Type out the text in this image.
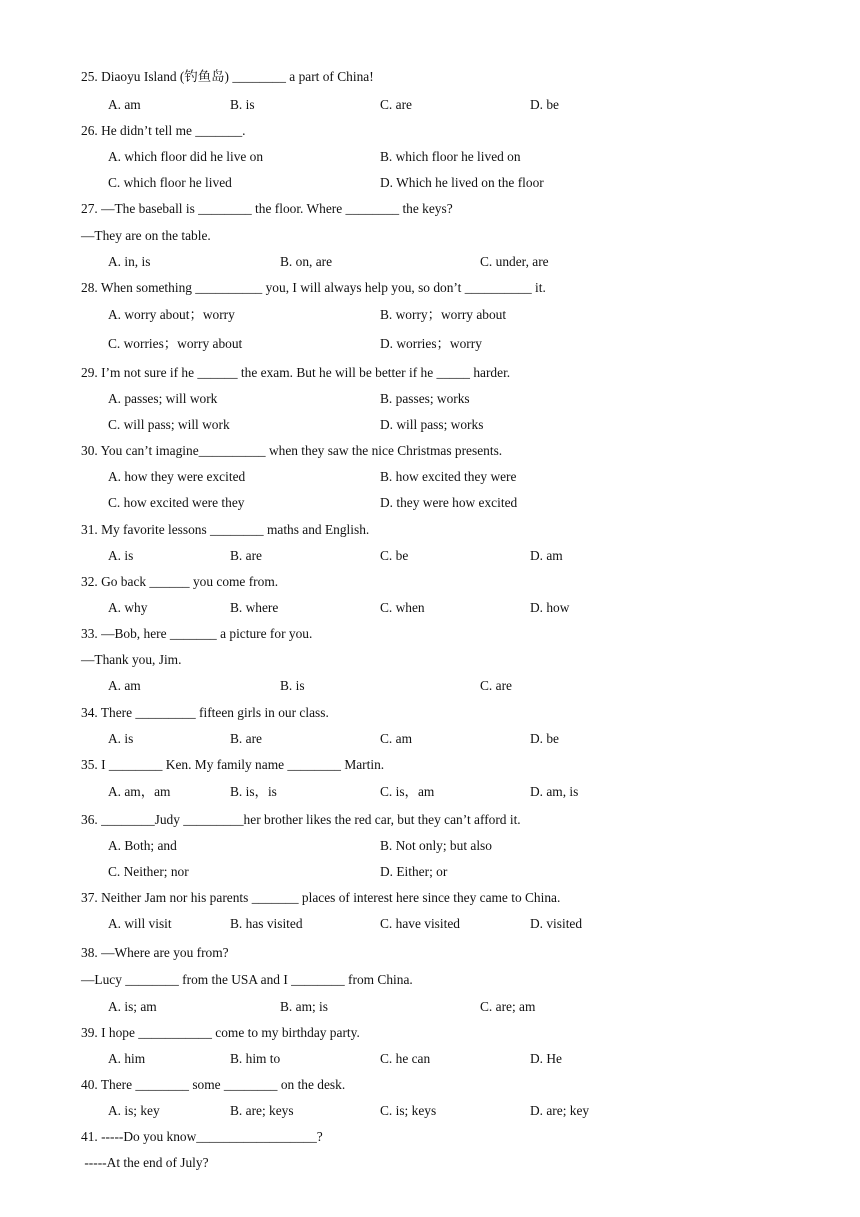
25. Diaoyu Island (钓鱼岛) ________ a part of China!
A. am	B. is	C. are	D. be
26. He didn’t tell me _______.
A. which floor did he live on	B. which floor he lived on
C. which floor he lived	D. Which he lived on the floor
27. —The baseball is ________ the floor. Where ________ the keys?
—They are on the table.
A. in, is	B. on, are	C. under, are
28. When something __________ you, I will always help you, so don’t __________ it.
A. worry about；worry	B. worry；worry about
C. worries；worry about	D. worries；worry
29. I’m not sure if he ______ the exam. But he will be better if he _____ harder.
A. passes; will work	B. passes; works
C. will pass; will work	D. will pass; works
30. You can’t imagine__________ when they saw the nice Christmas presents.
A. how they were excited	B. how excited they were
C. how excited were they	D. they were how excited
31. My favorite lessons ________ maths and English.
A. is	B. are	C. be	D. am
32. Go back ______ you come from.
A. why	B. where	C. when	D. how
33. —Bob, here _______ a picture for you.
—Thank you, Jim.
A. am	B. is	C. are
34. There _________ fifteen girls in our class.
A. is	B. are	C. am	D. be
35. I ________ Ken. My family name ________ Martin.
A. am，am	B. is，is	C. is，am	D. am, is
36. ________Judy _________her brother likes the red car, but they can’t afford it.
A. Both; and	B. Not only; but also
C. Neither; nor	D. Either; or
37. Neither Jam nor his parents _______ places of interest here since they came to China.
A. will visit	B. has visited	C. have visited	D. visited
38. —Where are you from?
—Lucy ________ from the USA and I ________ from China.
A. is; am	B. am; is	C. are; am
39. I hope ___________ come to my birthday party.
A. him	B. him to	C. he can	D. He
40. There ________ some ________ on the desk.
A. is; key	B. are; keys	C. is; keys	D. are; key
41. -----Do you know__________________?
-----At the end of July?
